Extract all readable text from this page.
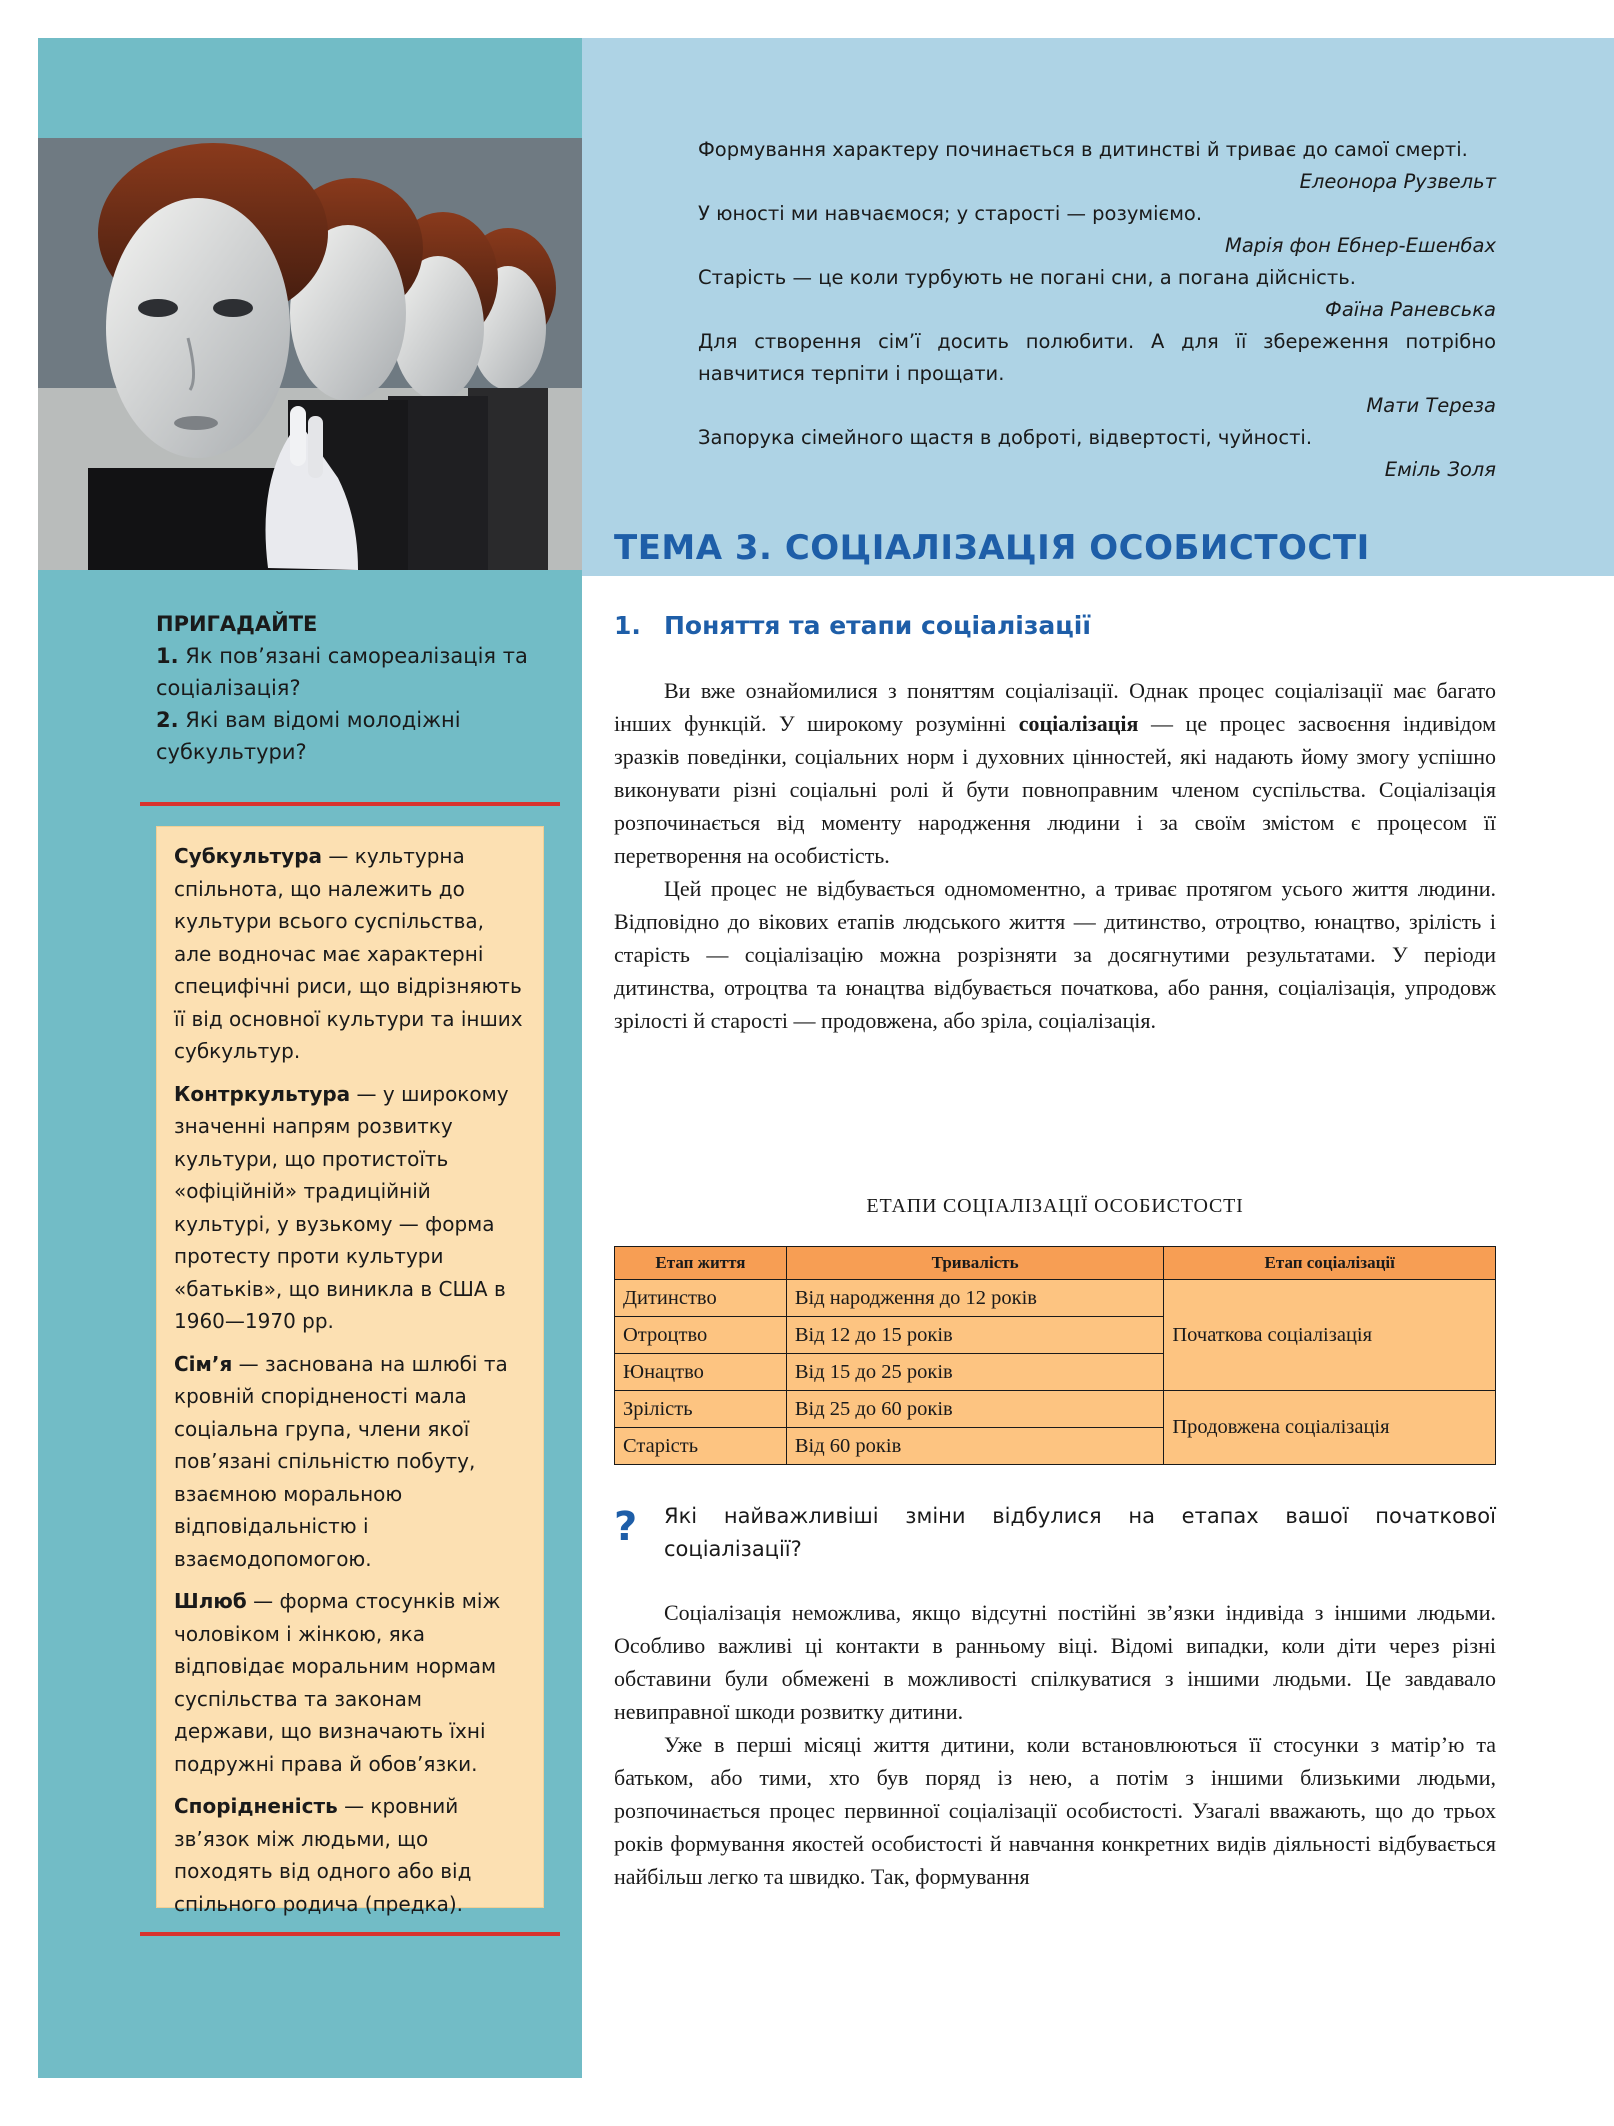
Формування характеру починається в дитинстві й триває до самої смерті.

Елеонора Рузвельт

У юності ми навчаємося; у старості — розуміємо.

Марія фон Ебнер-Ешенбах

Старість — це коли турбують не погані сни, а погана дійсність.

Фаїна Раневська

Для створення сім’ї досить полюбити. А для її збереження потрібно навчитися терпіти і прощати.

Мати Тереза

Запорука сімейного щастя в доброті, відвертості, чуйності.

Еміль Золя

ТЕМА 3. СОЦІАЛІЗАЦІЯ ОСОБИСТОСТІ

ПРИГАДАЙТЕ

1. Як пов’язані самореалізація та соціалізація?

2. Які вам відомі молодіжні субкультури?

Субкультура — культурна спільнота, що належить до культури всього суспільства, але водночас має характерні специфічні риси, що відрізняють її від основної культури та інших субкультур.

Контркультура — у широкому значенні напрям розвитку культури, що протистоїть «офіційній» традиційній культурі, у вузькому — форма протесту проти культури «батьків», що виникла в США в 1960—1970 рр.

Сім’я — заснована на шлюбі та кровній спорідненості мала соціальна група, члени якої пов’язані спільністю побуту, взаємною моральною відповідальністю і взаємодопомогою.

Шлюб — форма стосунків між чоловіком і жінкою, яка відповідає моральним нормам суспільства та законам держави, що визначають їхні подружні права й обов’язки.

Спорідненість — кровний зв’язок між людьми, що походять від одного або від спільного родича (предка).

1. Поняття та етапи соціалізації

Ви вже ознайомилися з поняттям соціалізації. Однак процес соціалізації має багато інших функцій. У широкому розумінні соціалізація — це процес засвоєння індивідом зразків поведінки, соціальних норм і духовних цінностей, які надають йому змогу успішно виконувати різні соціальні ролі й бути повноправним членом суспільства. Соціалізація розпочинається від моменту народження людини і за своїм змістом є процесом її перетворення на особистість.

Цей процес не відбувається одномоментно, а триває протягом усього життя людини. Відповідно до вікових етапів людського життя — дитинство, отроцтво, юнацтво, зрілість і старість — соціалізацію можна розрізняти за досягнутими результатами. У періоди дитинства, отроцтва та юнацтва відбувається початкова, або рання, соціалізація, упродовж зрілості й старості — продовжена, або зріла, соціалізація.

ЕТАПИ СОЦІАЛІЗАЦІЇ ОСОБИСТОСТІ
Етап життя	Тривалість	Етап соціалізації
Дитинство	Від народження до 12 років	Початкова соціалізація
Отроцтво	Від 12 до 15 років	
Юнацтво	Від 15 до 25 років	
Зрілість	Від 25 до 60 років	Продовжена соціалізація
Старість	Від 60 років	
? Які найважливіші зміни відбулися на етапах вашої початкової соціалізації?

Соціалізація неможлива, якщо відсутні постійні зв’язки індивіда з іншими людьми. Особливо важливі ці контакти в ранньому віці. Відомі випадки, коли діти через різні обставини були обмежені в можливості спілкуватися з іншими людьми. Це завдавало невиправної шкоди розвитку дитини.

Уже в перші місяці життя дитини, коли встановлюються її стосунки з матір’ю та батьком, або тими, хто був поряд із нею, а потім з іншими близькими людьми, розпочинається процес первинної соціалізації особистості. Узагалі вважають, що до трьох років формування якостей особистості й навчання конкретних видів діяльності відбувається найбільш легко та швидко. Так, формування
